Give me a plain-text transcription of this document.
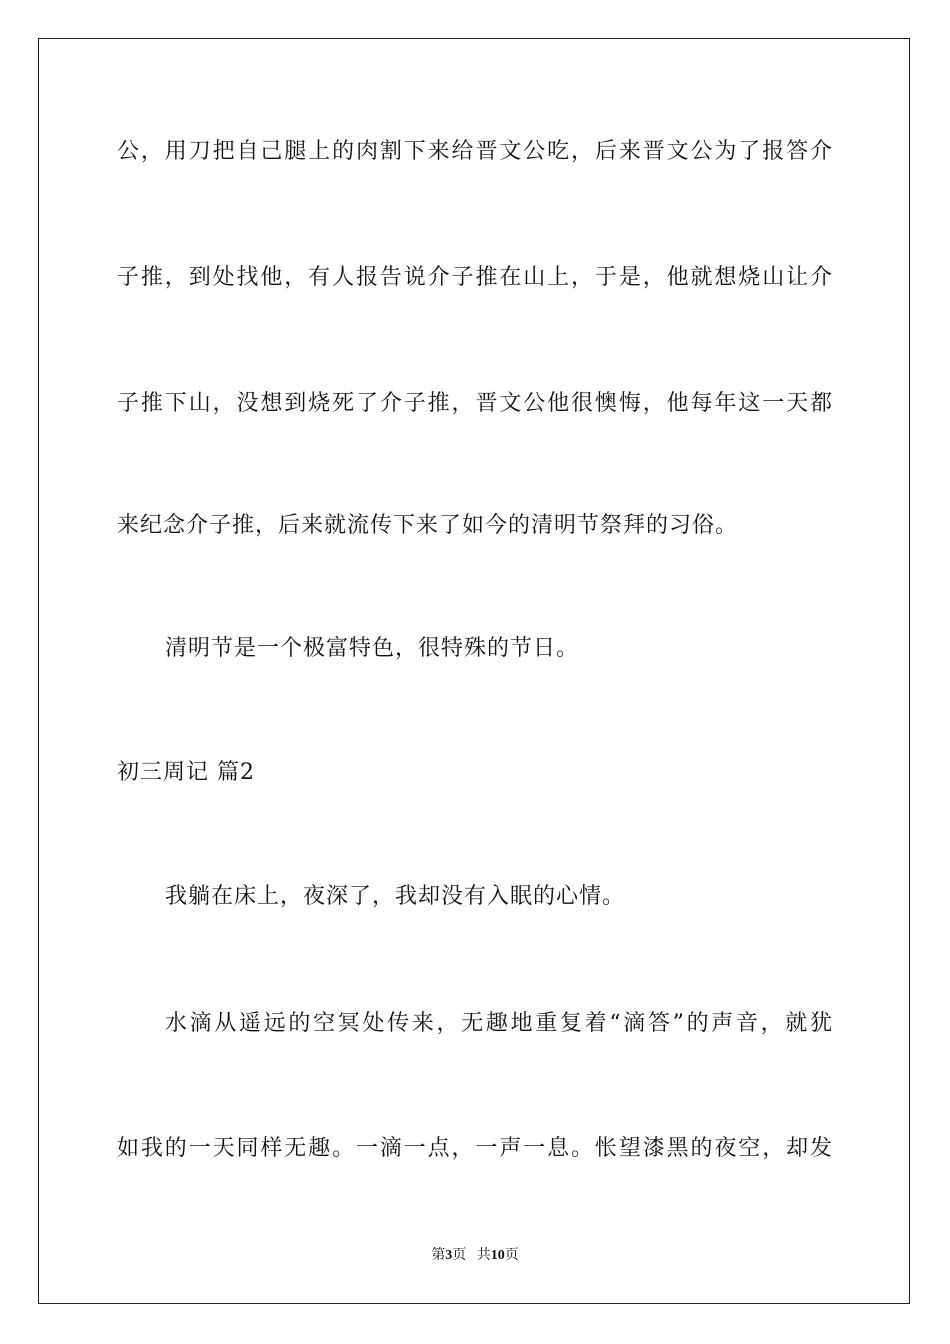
公，用刀把自己腿上的肉割下来给晋文公吃，后来晋文公为了报答介
子推，到处找他，有人报告说介子推在山上，于是，他就想烧山让介
子推下山，没想到烧死了介子推，晋文公他很懊悔，他每年这一天都
来纪念介子推，后来就流传下来了如今的清明节祭拜的习俗。
清明节是一个极富特色，很特殊的节日。
初三周记 篇2
我躺在床上，夜深了，我却没有入眠的心情。
水滴从遥远的空冥处传来，无趣地重复着“滴答”的声音，就犹
如我的一天同样无趣。一滴一点，一声一息。怅望漆黑的夜空，却发
第3页 共10页
